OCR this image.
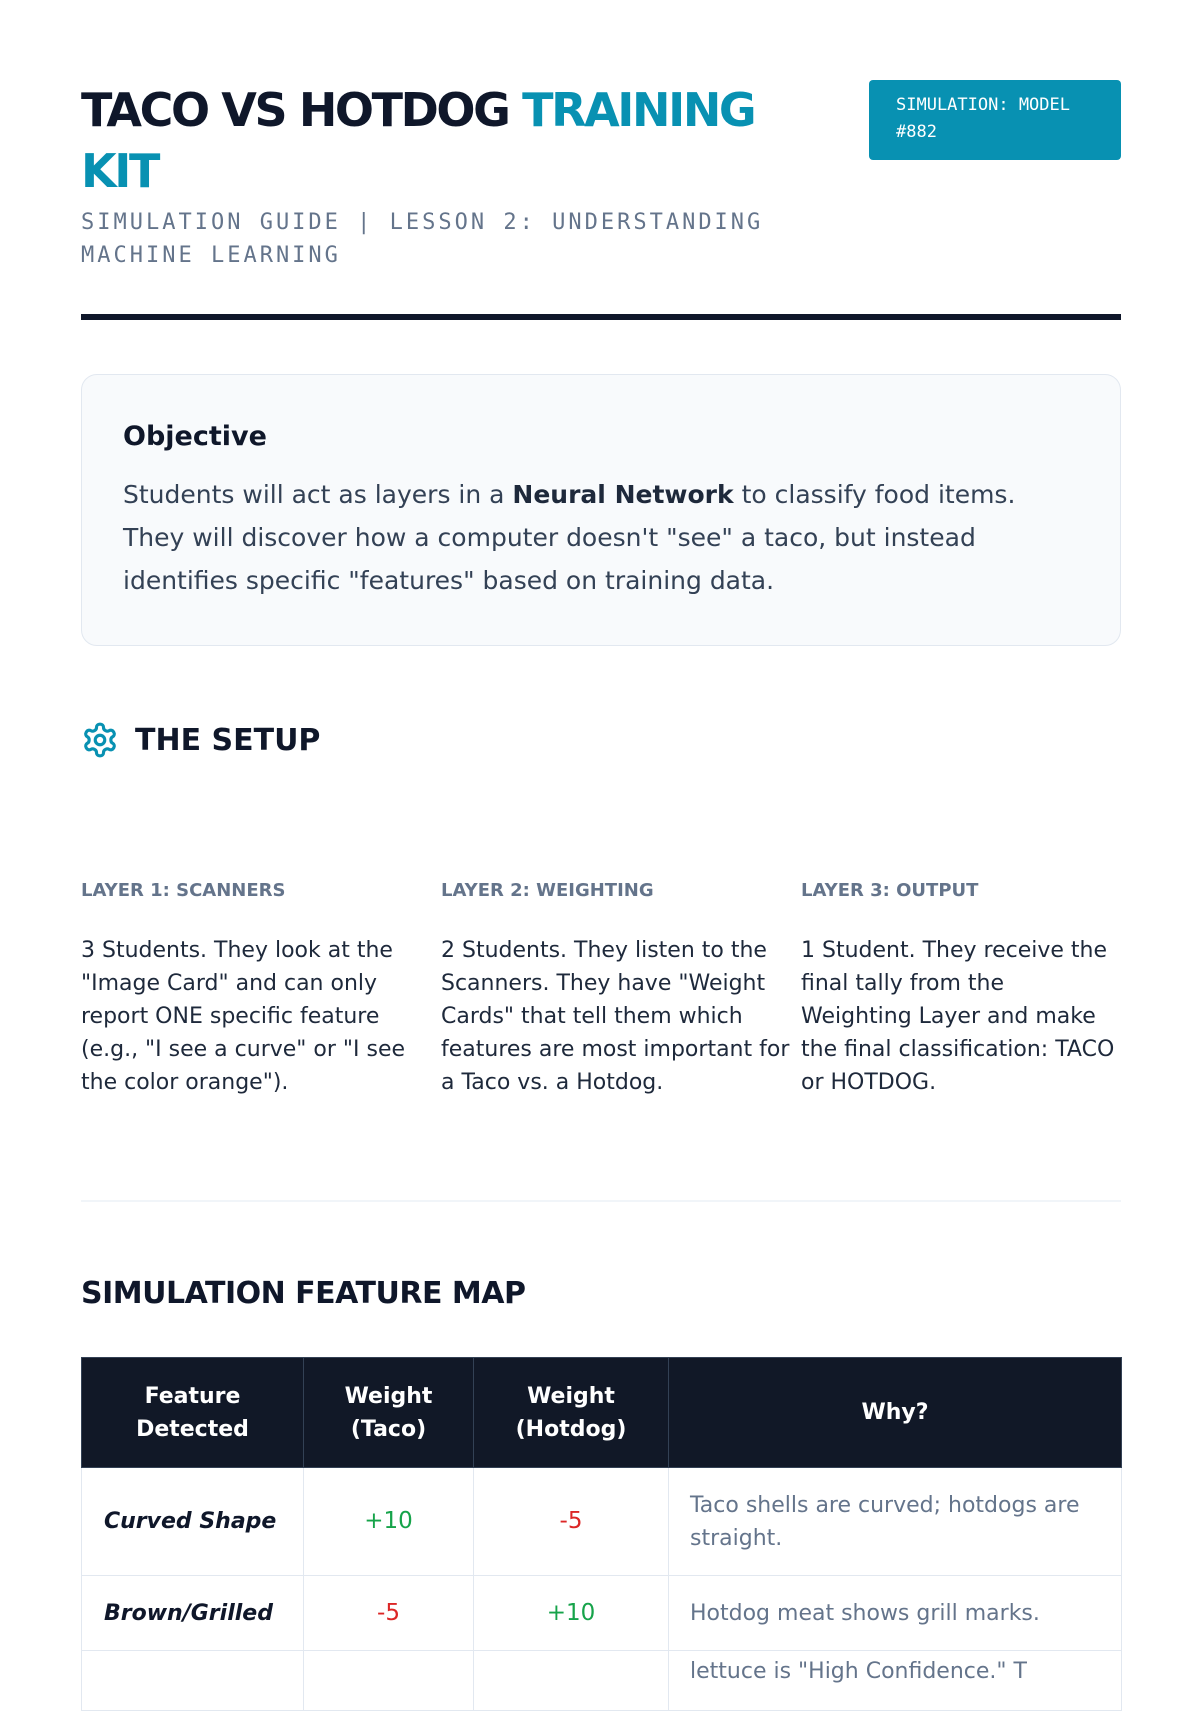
TACO VS HOTDOG TRAINING KIT
SIMULATION GUIDE | LESSON 2: UNDERSTANDING MACHINE LEARNING
SIMULATION: MODEL #882
Objective

Students will act as layers in a Neural Network to classify food items. They will discover how a computer doesn't "see" a taco, but instead identifies specific "features" based on training data.

THE SETUP
LAYER 1: SCANNERS

3 Students. They look at the "Image Card" and can only report ONE specific feature (e.g., "I see a curve" or "I see the color orange").

LAYER 2: WEIGHTING

2 Students. They listen to the Scanners. They have "Weight Cards" that tell them which features are most important for a Taco vs. a Hotdog.

LAYER 3: OUTPUT

1 Student. They receive the final tally from the Weighting Layer and make the final classification: TACO or HOTDOG.

SIMULATION FEATURE MAP
Feature Detected	Weight (Taco)	Weight (Hotdog)	Why?
Curved Shape	+10	-5	Taco shells are curved; hotdogs are straight.
Brown/Grilled	-5	+10	Hotdog meat shows grill marks.
			lettuce is "High Confidence." T
